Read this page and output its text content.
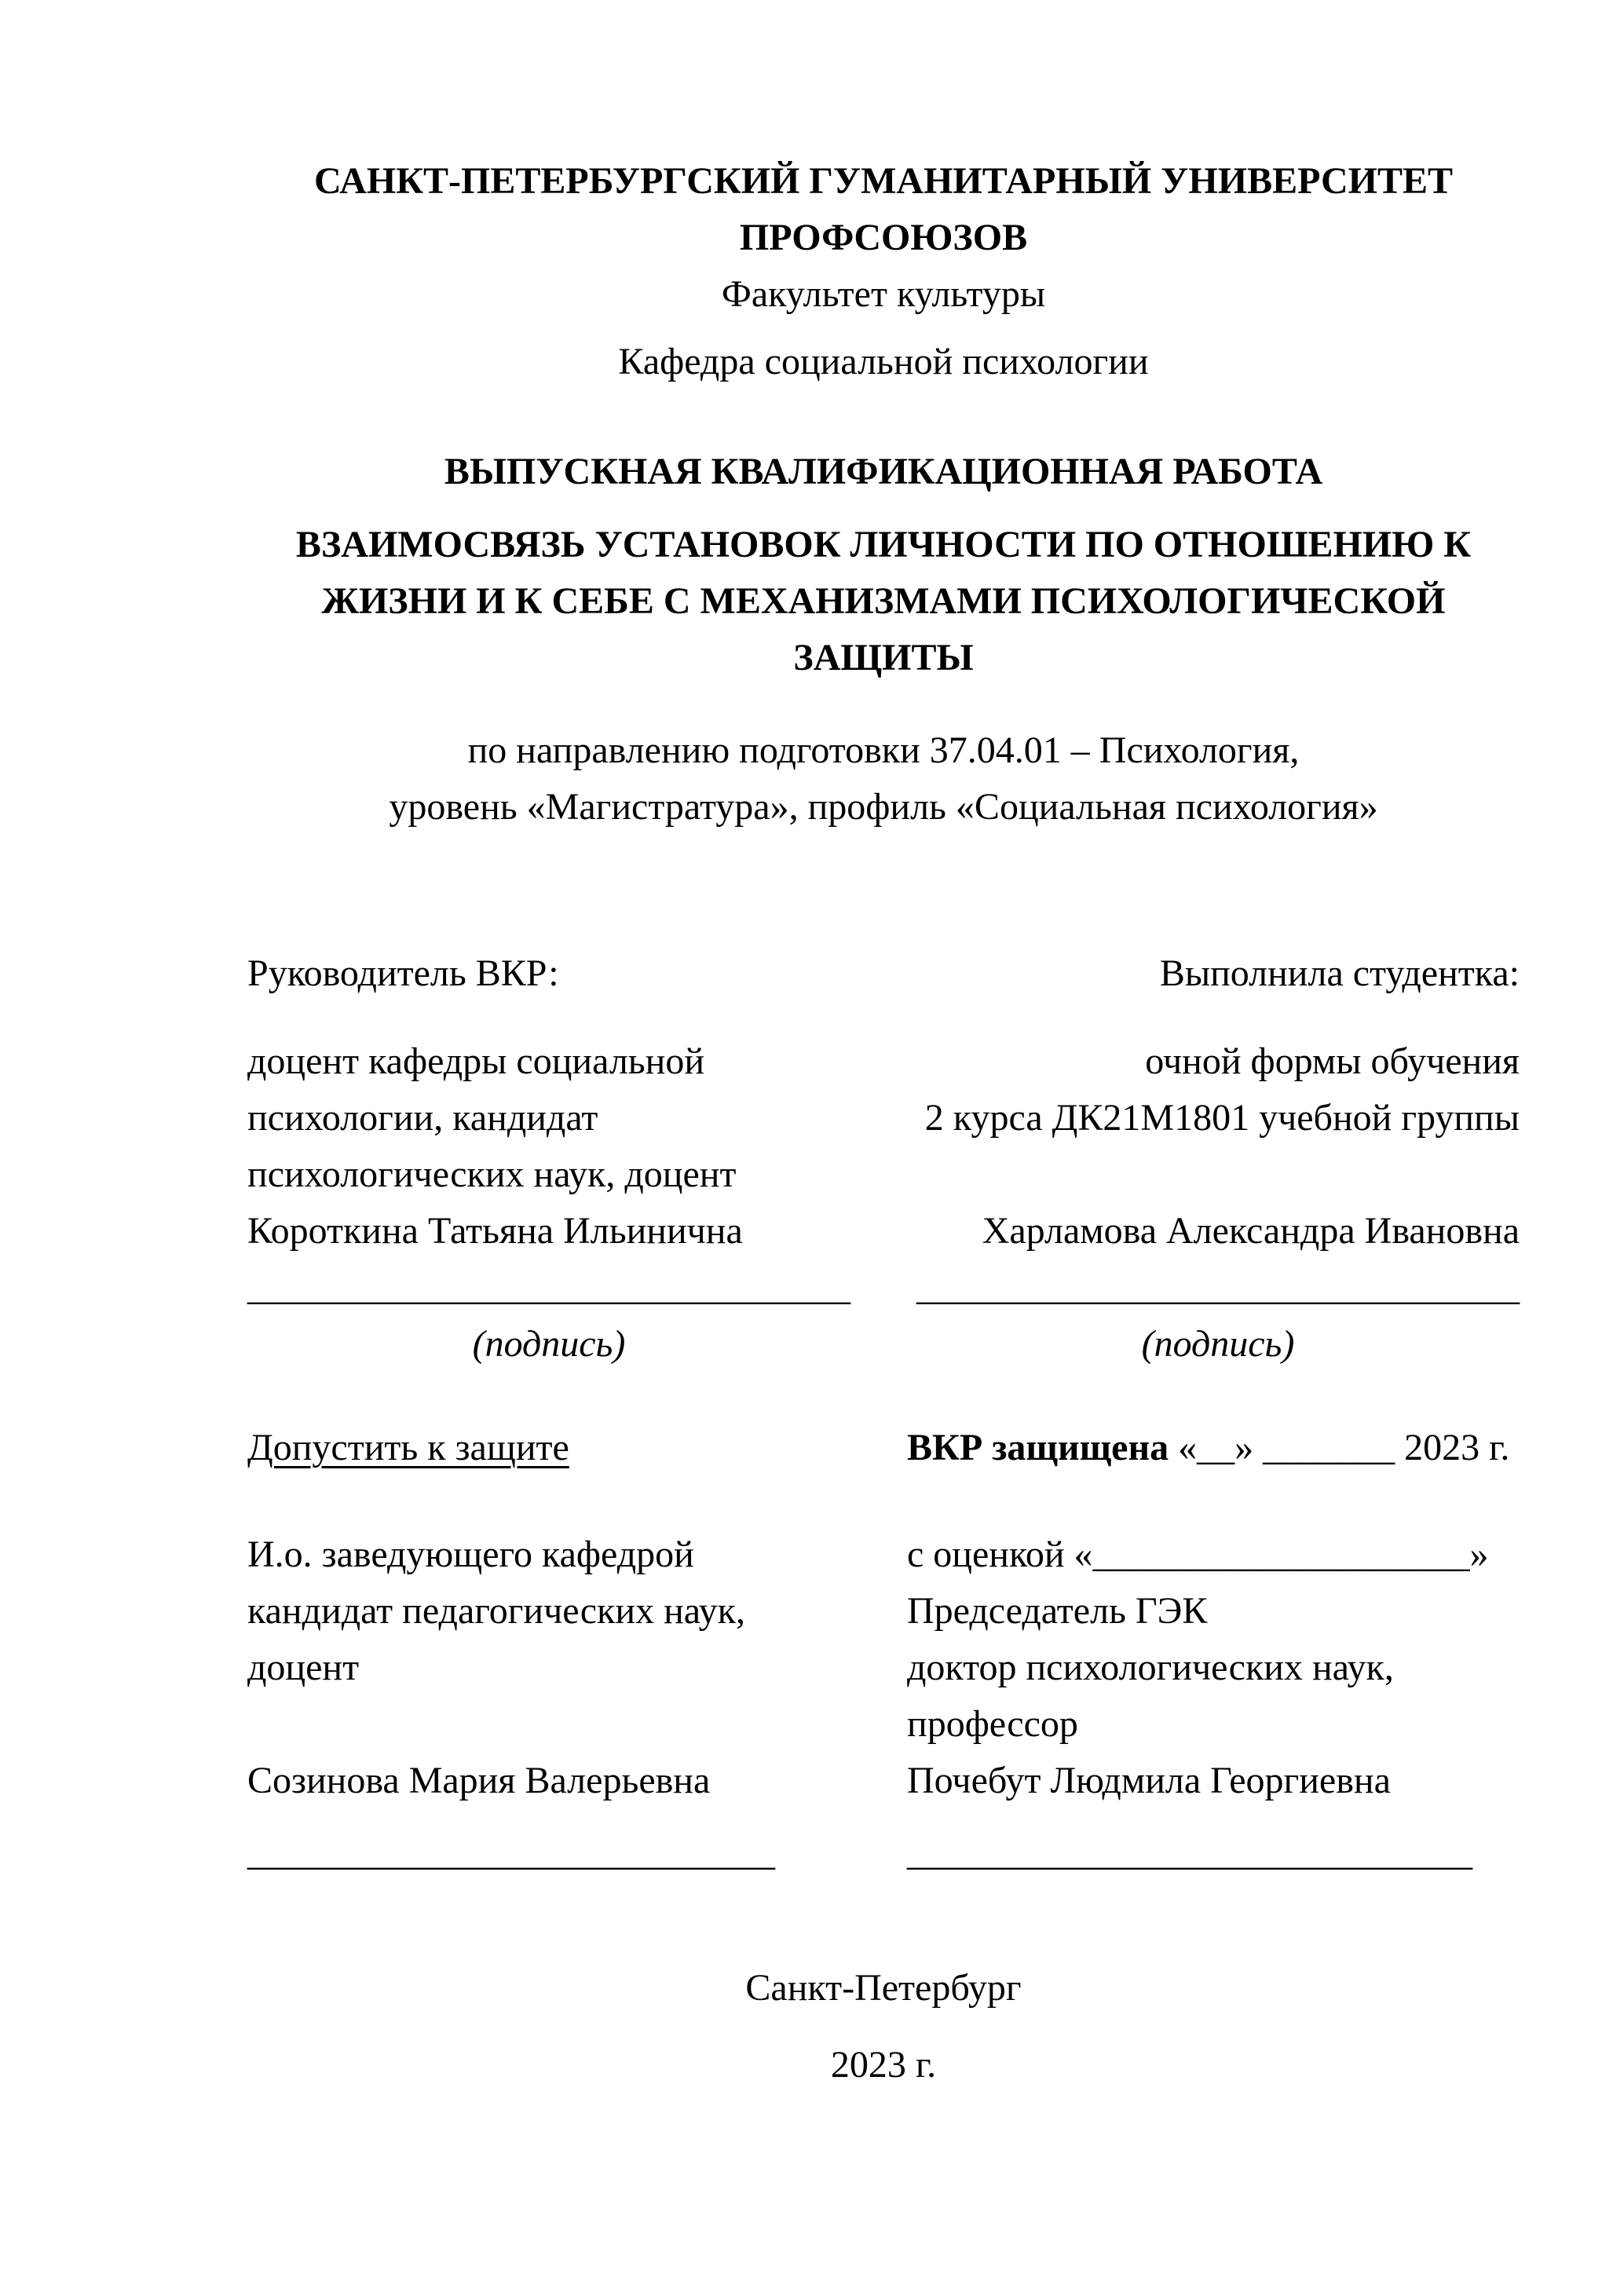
САНКТ-ПЕТЕРБУРГСКИЙ ГУМАНИТАРНЫЙ УНИВЕРСИТЕТ
ПРОФСОЮЗОВ
Факультет культуры
Кафедра социальной психологии
ВЫПУСКНАЯ КВАЛИФИКАЦИОННАЯ РАБОТА
ВЗАИМОСВЯЗЬ УСТАНОВОК ЛИЧНОСТИ ПО ОТНОШЕНИЮ К
ЖИЗНИ И К СЕБЕ С МЕХАНИЗМАМИ ПСИХОЛОГИЧЕСКОЙ
ЗАЩИТЫ
по направлению подготовки 37.04.01 – Психология,
уровень «Магистратура», профиль «Социальная психология»
Руководитель ВКР:
доцент кафедры социальной
психологии, кандидат
психологических наук, доцент
Короткина Татьяна Ильинична
Выполнила студентка:
очной формы обучения
2 курса ДК21М1801 учебной группы
Харламова Александра Ивановна
________________________________
(подпись)
________________________________
(подпись)
Допустить к защите	ВКР защищена «__» _______ 2023 г.
И.о. заведующего кафедрой
кандидат педагогических наук,
доцент
Созинова Мария Валерьевна
с оценкой «____________________»
Председатель ГЭК
доктор психологических наук,
профессор
Почебут Людмила Георгиевна
____________________________	______________________________
Санкт-Петербург
2023 г.
